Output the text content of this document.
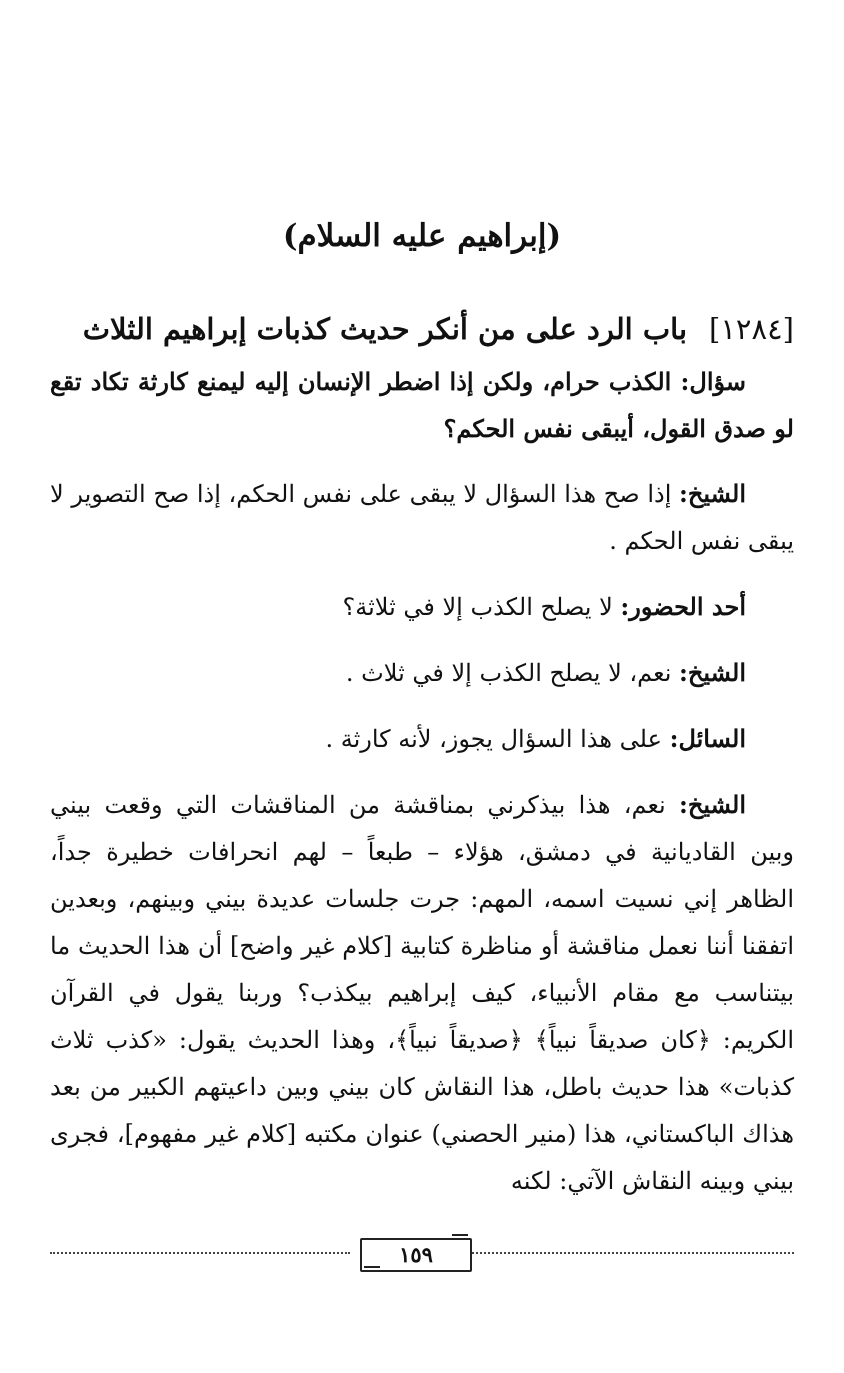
(إبراهيم عليه السلام)
[١٢٨٤]باب الرد على من أنكر حديث كذبات إبراهيم الثلاث

سؤال: الكذب حرام، ولكن إذا اضطر الإنسان إليه ليمنع كارثة تكاد تقع لو صدق القول، أيبقى نفس الحكم؟

الشيخ: إذا صح هذا السؤال لا يبقى على نفس الحكم، إذا صح التصوير لا يبقى نفس الحكم .

أحد الحضور: لا يصلح الكذب إلا في ثلاثة؟

الشيخ: نعم، لا يصلح الكذب إلا في ثلاث .

السائل: على هذا السؤال يجوز، لأنه كارثة .

الشيخ: نعم، هذا بيذكرني بمناقشة من المناقشات التي وقعت بيني وبين القاديانية في دمشق، هؤلاء – طبعاً – لهم انحرافات خطيرة جداً، الظاهر إني نسيت اسمه، المهم: جرت جلسات عديدة بيني وبينهم، وبعدين اتفقنا أننا نعمل مناقشة أو مناظرة كتابية [كلام غير واضح] أن هذا الحديث ما بيتناسب مع مقام الأنبياء، كيف إبراهيم بيكذب؟ وربنا يقول في القرآن الكريم: ﴿كان صديقاً نبياً﴾ ﴿صديقاً نبياً﴾، وهذا الحديث يقول: «كذب ثلاث كذبات» هذا حديث باطل، هذا النقاش كان بيني وبين داعيتهم الكبير من بعد هذاك الباكستاني، هذا (منير الحصني) عنوان مكتبه [كلام غير مفهوم]، فجرى بيني وبينه النقاش الآتي: لكنه

١٥٩
